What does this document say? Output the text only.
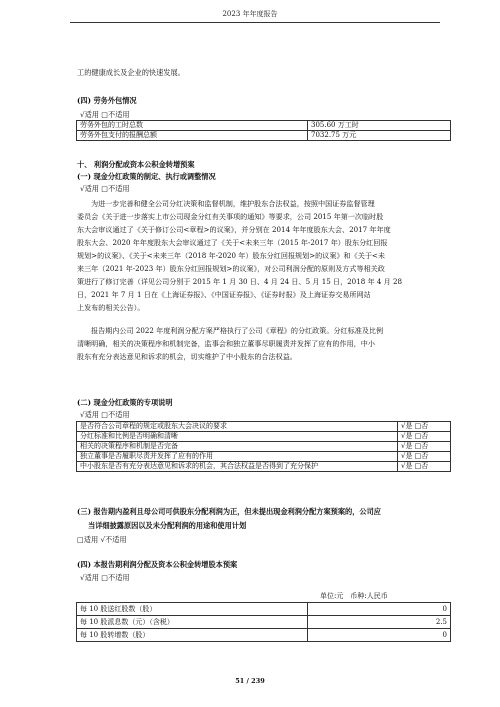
2023 年年度报告
工的健康成长及企业的快速发展。
(四) 劳务外包情况
√适用 □不适用
劳务外包的工时总数	305.60 万工时
劳务外包支付的报酬总额	7032.75 万元
十、 利润分配或资本公积金转增预案
(一) 现金分红政策的制定、执行或调整情况
√适用 □不适用
为进一步完善和健全公司分红决策和监督机制，维护股东合法权益，按照中国证券监督管理
委员会《关于进一步落实上市公司现金分红有关事项的通知》等要求，公司 2015 年第一次临时股
东大会审议通过了《关于修订公司<章程>的议案》，并分别在 2014 年年度股东大会、2017 年年度
股东大会、2020 年年度股东大会审议通过了《关于<未来三年（2015 年-2017 年）股东分红回报
规划>的议案》、《关于<未来三年（2018 年-2020 年）股东分红回报规划>的议案》和《关于<未
来三年（2021 年-2023 年）股东分红回报规划>的议案》，对公司利润分配的原则及方式等相关政
策进行了修订完善（详见公司分别于 2015 年 1 月 30 日、4 月 24 日、5 月 15 日，2018 年 4 月 28
日，2021 年 7 月 1 日在《上海证券报》、《中国证券报》、《证券时报》及上海证券交易所网站
上发布的相关公告）。
报告期内公司 2022 年度利润分配方案严格执行了公司《章程》的分红政策。分红标准及比例
清晰明确，相关的决策程序和机制完备，监事会和独立董事尽职履责并发挥了应有的作用，中小
股东有充分表达意见和诉求的机会，切实维护了中小股东的合法权益。
(二) 现金分红政策的专项说明
√适用 □不适用
是否符合公司章程的规定或股东大会决议的要求	√是 □否
分红标准和比例是否明确和清晰	√是 □否
相关的决策程序和机制是否完备	√是 □否
独立董事是否履职尽责并发挥了应有的作用	√是 □否
中小股东是否有充分表达意见和诉求的机会，其合法权益是否得到了充分保护	√是 □否
(三) 报告期内盈利且母公司可供股东分配利润为正，但未提出现金利润分配方案预案的，公司应
当详细披露原因以及未分配利润的用途和使用计划
□适用 √不适用
(四) 本报告期利润分配及资本公积金转增股本预案
√适用 □不适用
单位:元　币种:人民币
每 10 股送红股数（股）	0
每 10 股派息数（元）（含税）	2.5
每 10 股转增数（股）	0
51 / 239
